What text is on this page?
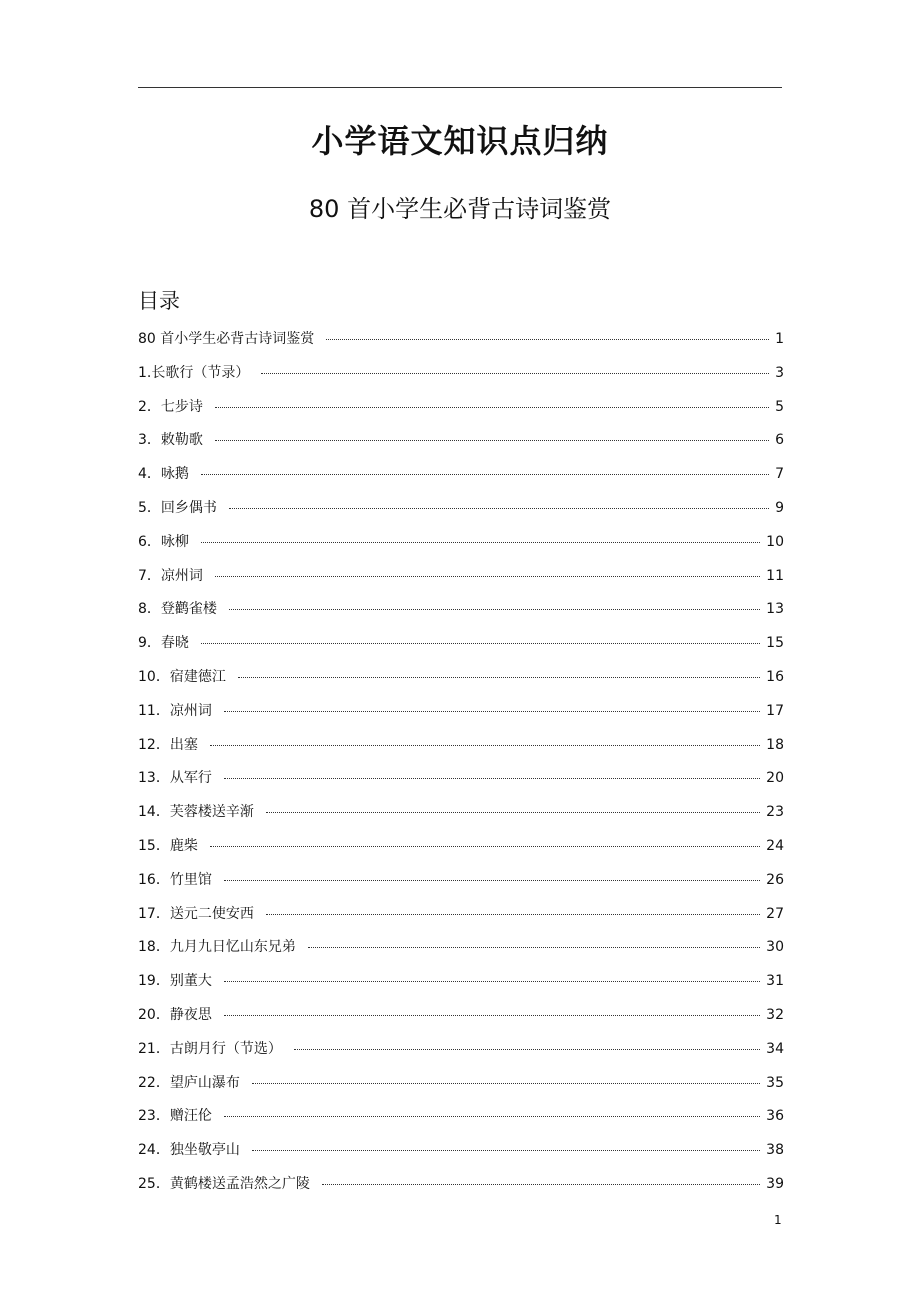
小学语文知识点归纳
80 首小学生必背古诗词鉴赏
目录
80 首小学生必背古诗词鉴赏	1
1.长歌行（节录）	3
2．七步诗	5
3．敕勒歌	6
4．咏鹅	7
5．回乡偶书	9
6．咏柳	10
7．凉州词	11
8．登鹳雀楼	13
9．春晓	15
10．宿建德江	16
11．凉州词	17
12．出塞	18
13．从军行	20
14．芙蓉楼送辛渐	23
15．鹿柴	24
16．竹里馆	26
17．送元二使安西	27
18．九月九日忆山东兄弟	30
19．别董大	31
20．静夜思	32
21．古朗月行（节选）	34
22．望庐山瀑布	35
23．赠汪伦	36
24．独坐敬亭山	38
25．黄鹤楼送孟浩然之广陵	39
1
